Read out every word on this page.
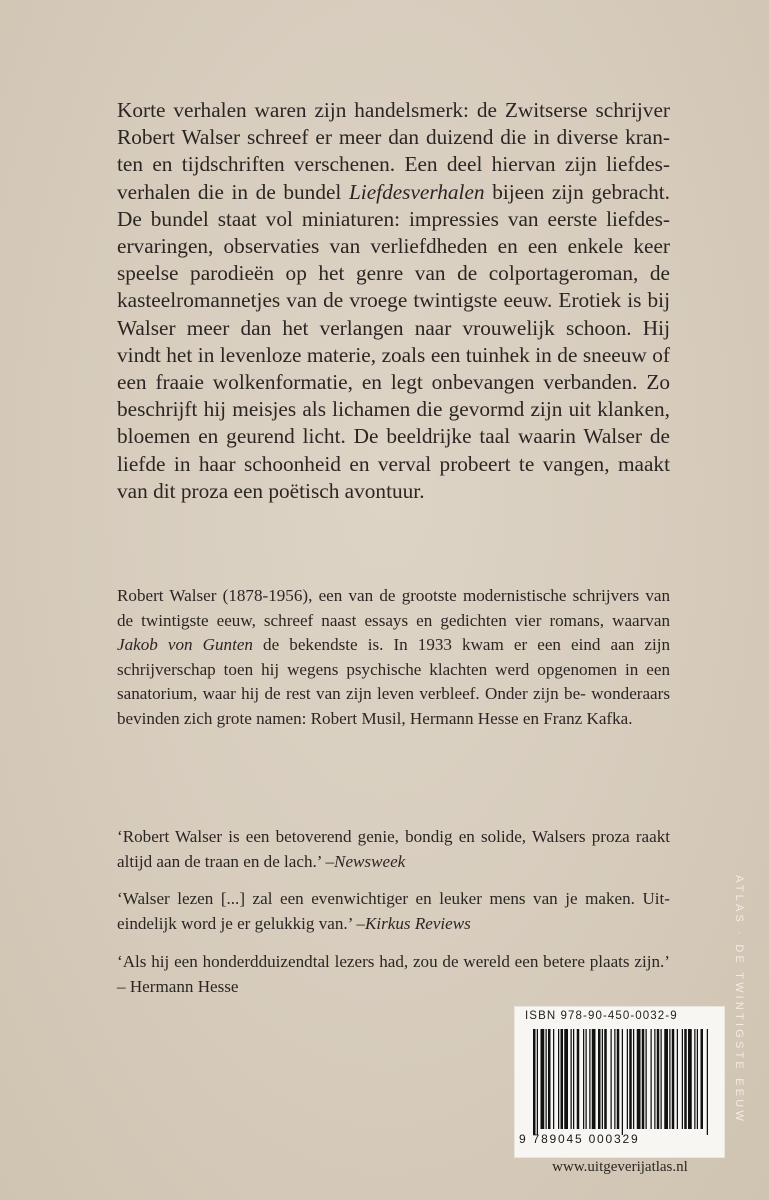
Korte verhalen waren zijn handelsmerk: de Zwitserse schrijver Robert Walser schreef er meer dan duizend die in diverse kran- ten en tijdschriften verschenen. Een deel hiervan zijn liefdes- verhalen die in de bundel Liefdesverhalen bijeen zijn gebracht. De bundel staat vol miniaturen: impressies van eerste liefdes- ervaringen, observaties van verliefdheden en een enkele keer speelse parodieën op het genre van de colportageroman, de kasteelromannetjes van de vroege twintigste eeuw. Erotiek is bij Walser meer dan het verlangen naar vrouwelijk schoon. Hij vindt het in levenloze materie, zoals een tuinhek in de sneeuw of een fraaie wolkenformatie, en legt onbevangen verbanden. Zo beschrijft hij meisjes als lichamen die gevormd zijn uit klanken, bloemen en geurend licht. De beeldrijke taal waarin Walser de liefde in haar schoonheid en verval probeert te vangen, maakt van dit proza een poëtisch avontuur.

Robert Walser (1878-1956), een van de grootste modernistische schrijvers van de twintigste eeuw, schreef naast essays en gedichten vier romans, waarvan Jakob von Gunten de bekendste is. In 1933 kwam er een eind aan zijn schrijverschap toen hij wegens psychische klachten werd opgenomen in een sanatorium, waar hij de rest van zijn leven verbleef. Onder zijn be- wonderaars bevinden zich grote namen: Robert Musil, Hermann Hesse en Franz Kafka.

‘Robert Walser is een betoverend genie, bondig en solide, Walsers proza raakt altijd aan de traan en de lach.’ –Newsweek

‘Walser lezen [...] zal een evenwichtiger en leuker mens van je maken. Uit- eindelijk word je er gelukkig van.’ –Kirkus Reviews

‘Als hij een honderdduizendtal lezers had, zou de wereld een betere plaats zijn.’ – Hermann Hesse	ATLAS · DE TWINTIGSTE EEUW
ISBN 978-90-450-0032-9
9 789045 000329
www.uitgeverijatlas.nl
